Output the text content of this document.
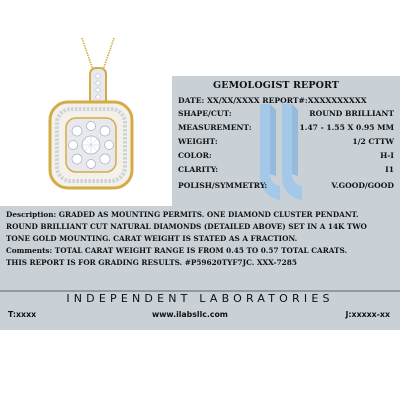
GEMOLOGIST REPORT
DATE: XX/XX/XXXX REPORT#:XXXXXXXXXX
SHAPE/CUT:	ROUND BRILLIANT
MEASUREMENT:	1.47 - 1.55 X 0.95 MM
WEIGHT:	1/2 CTTW
COLOR:	H-I
CLARITY:	I1
POLISH/SYMMETRY:	V.GOOD/GOOD
Description: GRADED AS MOUNTING PERMITS. ONE DIAMOND CLUSTER PENDANT.
ROUND BRILLIANT CUT NATURAL DIAMONDS (DETAILED ABOVE) SET IN A 14K TWO
TONE GOLD MOUNTING. CARAT WEIGHT IS STATED AS A FRACTION.
Comments: TOTAL CARAT WEIGHT RANGE IS FROM 0.45 TO 0.57 TOTAL CARATS.
THIS REPORT IS FOR GRADING RESULTS. #P59620TYF7JC. XXX-7285
INDEPENDENT LABORATORIES
T:xxxx	www.ilabsllc.com	J:xxxxx-xx
